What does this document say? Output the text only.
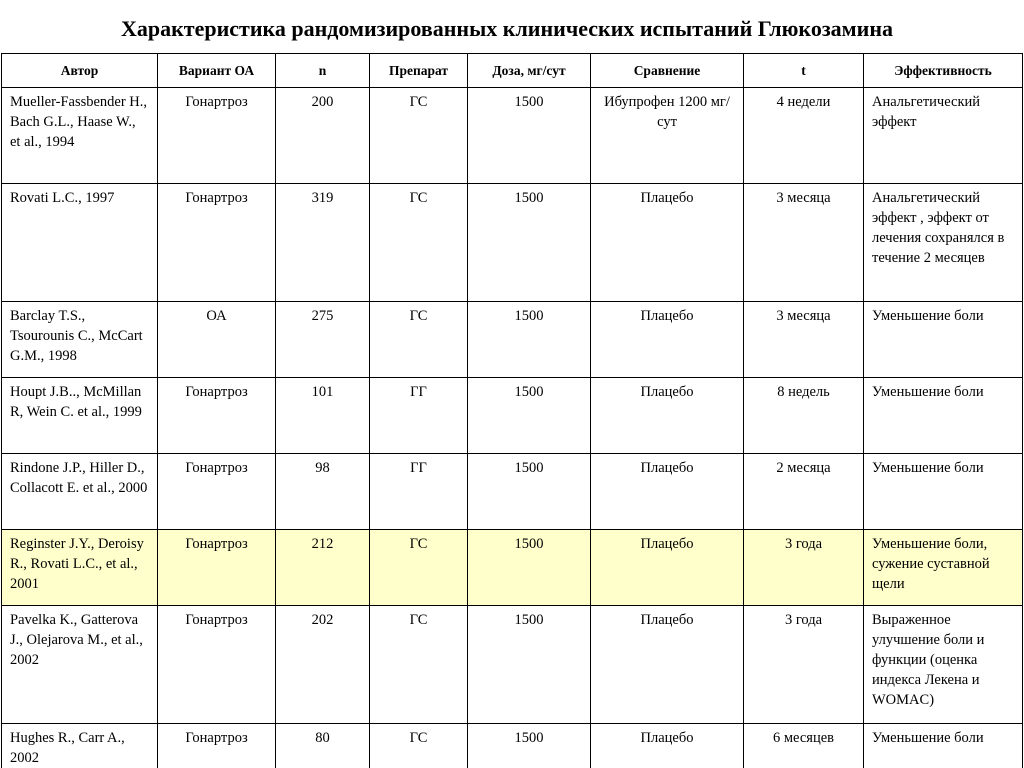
Характеристика рандомизированных клинических испытаний Глюкозамина
Автор	Вариант ОА	n	Препарат	Доза, мг/сут	Сравнение	t	Эффективность
Mueller-Fassbender H., Bach G.L., Haase W., et al., 1994	Гонартроз	200	ГС	1500	Ибупрофен 1200 мг/сут	4 недели	Анальгетический эффект
Rovati L.C., 1997	Гонартроз	319	ГС	1500	Плацебо	3 месяца	Анальгетический эффект , эффект от лечения сохранялся в течение 2 месяцев
Barclay T.S., Tsourounis C., McCart G.M., 1998	ОА	275	ГС	1500	Плацебо	3 месяца	Уменьшение боли
Houpt J.B.., McMillan R, Wein C. et al., 1999	Гонартроз	101	ГГ	1500	Плацебо	8 недель	Уменьшение боли
Rindone J.P., Hiller D., Collacott E. et al., 2000	Гонартроз	98	ГГ	1500	Плацебо	2 месяца	Уменьшение боли
Reginster J.Y., Deroisy R., Rovati L.C., et al., 2001	Гонартроз	212	ГС	1500	Плацебо	3 года	Уменьшение боли, сужение суставной щели
Pavelka K., Gatterova J., Olejarova M., et al., 2002	Гонартроз	202	ГС	1500	Плацебо	3 года	Выраженное улучшение боли и функции (оценка индекса Лекена и WOMAC)
Hughes R., Carr A., 2002	Гонартроз	80	ГС	1500	Плацебо	6 месяцев	Уменьшение боли
